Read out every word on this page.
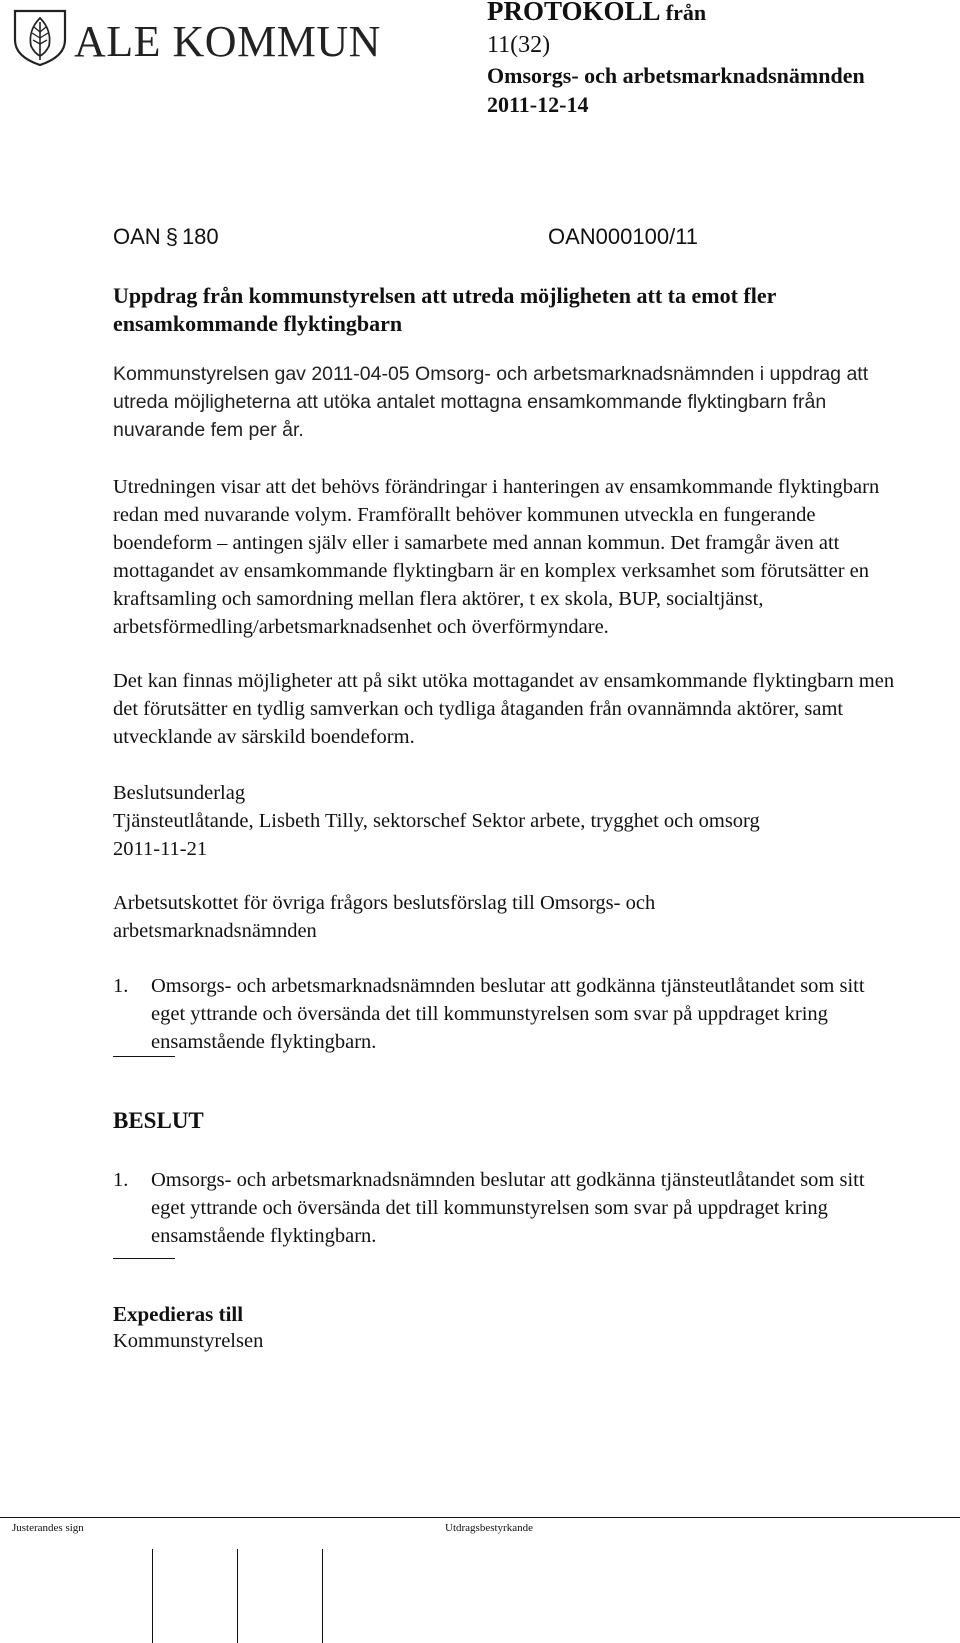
ALE KOMMUN
PROTOKOLL från
11(32)
Omsorgs- och arbetsmarknadsnämnden
2011-12-14
OAN § 180	OAN000100/11
Uppdrag från kommunstyrelsen att utreda möjligheten att ta emot fler ensamkommande flyktingbarn
Kommunstyrelsen gav 2011-04-05 Omsorg- och arbetsmarknadsnämnden i uppdrag att utreda möjligheterna att utöka antalet mottagna ensamkommande flyktingbarn från nuvarande fem per år.
Utredningen visar att det behövs förändringar i hanteringen av ensamkommande flyktingbarn redan med nuvarande volym. Framförallt behöver kommunen utveckla en fungerande boendeform – antingen själv eller i samarbete med annan kommun. Det framgår även att mottagandet av ensamkommande flyktingbarn är en komplex verksamhet som förutsätter en kraftsamling och samordning mellan flera aktörer, t ex skola, BUP, socialtjänst, arbetsförmedling/arbetsmarknadsenhet och överförmyndare.
Det kan finnas möjligheter att på sikt utöka mottagandet av ensamkommande flyktingbarn men det förutsätter en tydlig samverkan och tydliga åtaganden från ovannämnda aktörer, samt utvecklande av särskild boendeform.
Beslutsunderlag
Tjänsteutlåtande, Lisbeth Tilly, sektorschef Sektor arbete, trygghet och omsorg
2011-11-21
Arbetsutskottet för övriga frågors beslutsförslag till Omsorgs- och arbetsmarknadsnämnden
1. Omsorgs- och arbetsmarknadsnämnden beslutar att godkänna tjänsteutlåtandet som sitt eget yttrande och översända det till kommunstyrelsen som svar på uppdraget kring ensamstående flyktingbarn.
BESLUT
1. Omsorgs- och arbetsmarknadsnämnden beslutar att godkänna tjänsteutlåtandet som sitt eget yttrande och översända det till kommunstyrelsen som svar på uppdraget kring ensamstående flyktingbarn.
Expedieras till
Kommunstyrelsen
Justerandes sign	Utdragsbestyrkande
